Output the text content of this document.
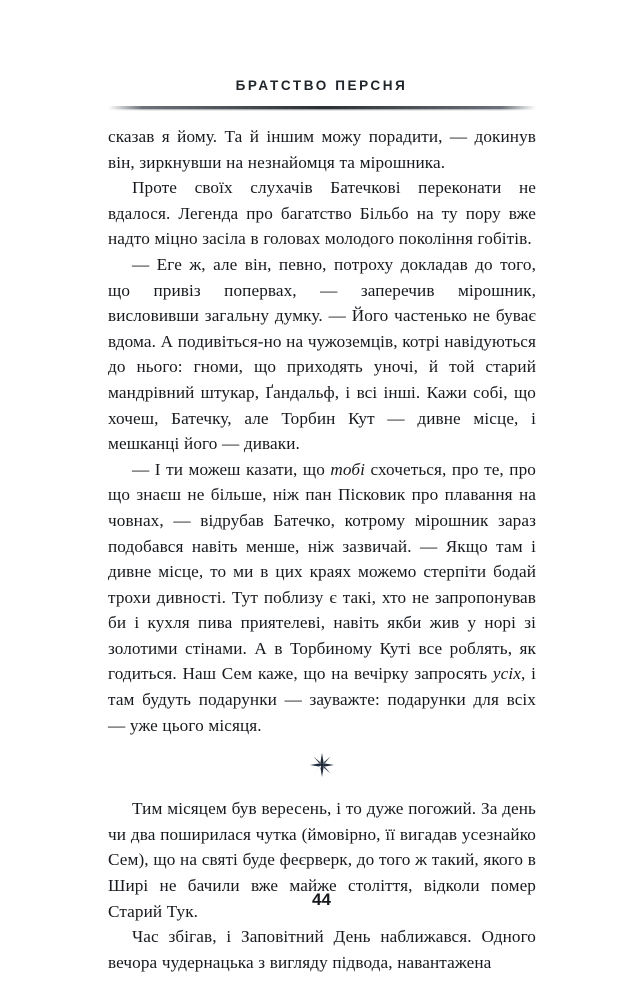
БРАТСТВО ПЕРСНЯ

сказав я йому. Та й іншим можу порадити, — докинув він, зиркнувши на незнайомця та мірошника.

Проте своїх слухачів Батечкові переконати не вдалося. Легенда про багатство Більбо на ту пору вже надто міцно засіла в головах молодого покоління гобітів.

— Еге ж, але він, певно, потроху докладав до того, що привіз попервах, — заперечив мірошник, висловивши загальну думку. — Його частенько не буває вдома. А подивіться-но на чужоземців, котрі навідуються до нього: гноми, що приходять уночі, й той старий мандрівний штукар, Ґандальф, і всі інші. Кажи собі, що хочеш, Батечку, але Торбин Кут — дивне місце, і мешканці його — диваки.

— І ти можеш казати, що тобі схочеться, про те, про що знаєш не більше, ніж пан Пісковик про плавання на човнах, — відрубав Батечко, котрому мірошник зараз подобався навіть менше, ніж зазвичай. — Якщо там і дивне місце, то ми в цих краях можемо стерпіти бодай трохи дивності. Тут поблизу є такі, хто не запропонував би і кухля пива приятелеві, навіть якби жив у норі зі золотими стінами. А в Торбиному Куті все роблять, як годиться. Наш Сем каже, що на вечірку запросять усіх, і там будуть подарунки — зауважте: подарунки для всіх — уже цього місяця.

Тим місяцем був вересень, і то дуже погожий. За день чи два поширилася чутка (ймовірно, її вигадав усезнайко Сем), що на святі буде феєрверк, до того ж такий, якого в Ширі не бачили вже майже століття, відколи помер Старий Тук.

Час збігав, і Заповітний День наближався. Одного вечора чудернацька з вигляду підвода, навантажена

44
